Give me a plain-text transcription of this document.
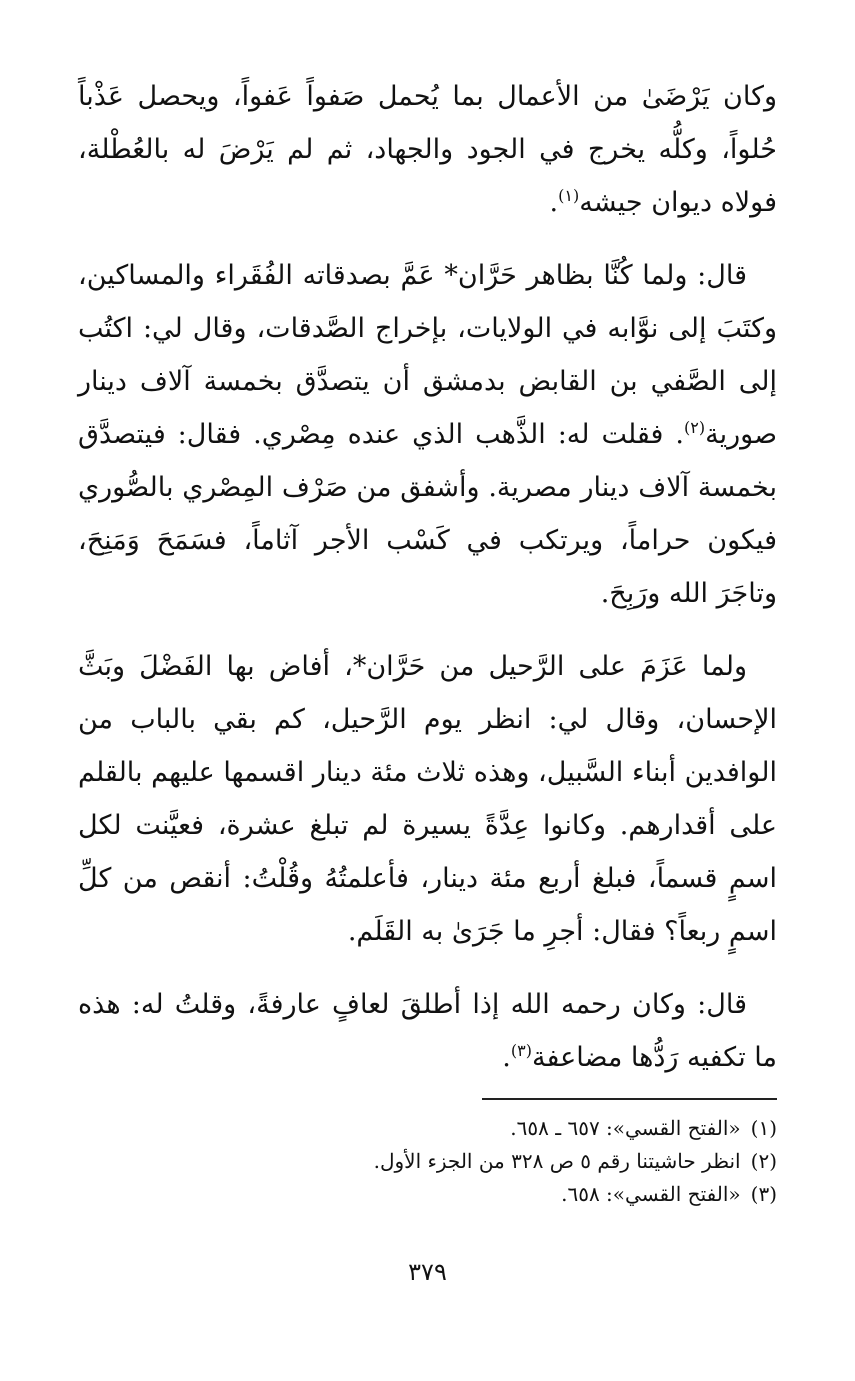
وكان يَرْضَىٰ من الأعمال بما يُحمل صَفواً عَفواً، ويحصل عَذْباً حُلواً، وكلُّه يخرج في الجود والجهاد، ثم لم يَرْضَ له بالعُطْلة، فولاه ديوان جيشه$^{(١)}$.

قال: ولما كُنَّا بظاهر حَرَّان* عَمَّ بصدقاته الفُقَراء والمساكين، وكتَبَ إلى نوَّابه في الولايات، بإخراج الصَّدقات، وقال لي: اكتُب إلى الصَّفي بن القابض بدمشق أن يتصدَّق بخمسة آلاف دينار صورية$^{(٢)}$. فقلت له: الذَّهب الذي عنده مِصْري. فقال: فيتصدَّق بخمسة آلاف دينار مصرية. وأشفق من صَرْف المِصْري بالصُّوري فيكون حراماً، ويرتكب في كَسْب الأجر آثاماً، فسَمَحَ وَمَنِحَ، وتاجَرَ الله ورَبِحَ.

ولما عَزَمَ على الرَّحيل من حَرَّان*، أفاض بها الفَضْلَ وبَثَّ الإحسان، وقال لي: انظر يوم الرَّحيل، كم بقي بالباب من الوافدين أبناء السَّبيل، وهذه ثلاث مئة دينار اقسمها عليهم بالقلم على أقدارهم. وكانوا عِدَّةً يسيرة لم تبلغ عشرة، فعيَّنت لكل اسمٍ قسماً، فبلغ أربع مئة دينار، فأعلمتُهُ وقُلْتُ: أنقص من كلِّ اسمٍ ربعاً؟ فقال: أجرِ ما جَرَىٰ به القَلَم.

قال: وكان رحمه الله إذا أطلقَ لعافٍ عارفةً، وقلتُ له: هذه ما تكفيه رَدُّها مضاعفة$^{(٣)}$.

(١)«الفتح القسي»: ٦٥٧ ـ ٦٥٨.
(٢)انظر حاشيتنا رقم ٥ ص ٣٢٨ من الجزء الأول.
(٣)«الفتح القسي»: ٦٥٨.
٣٧٩
